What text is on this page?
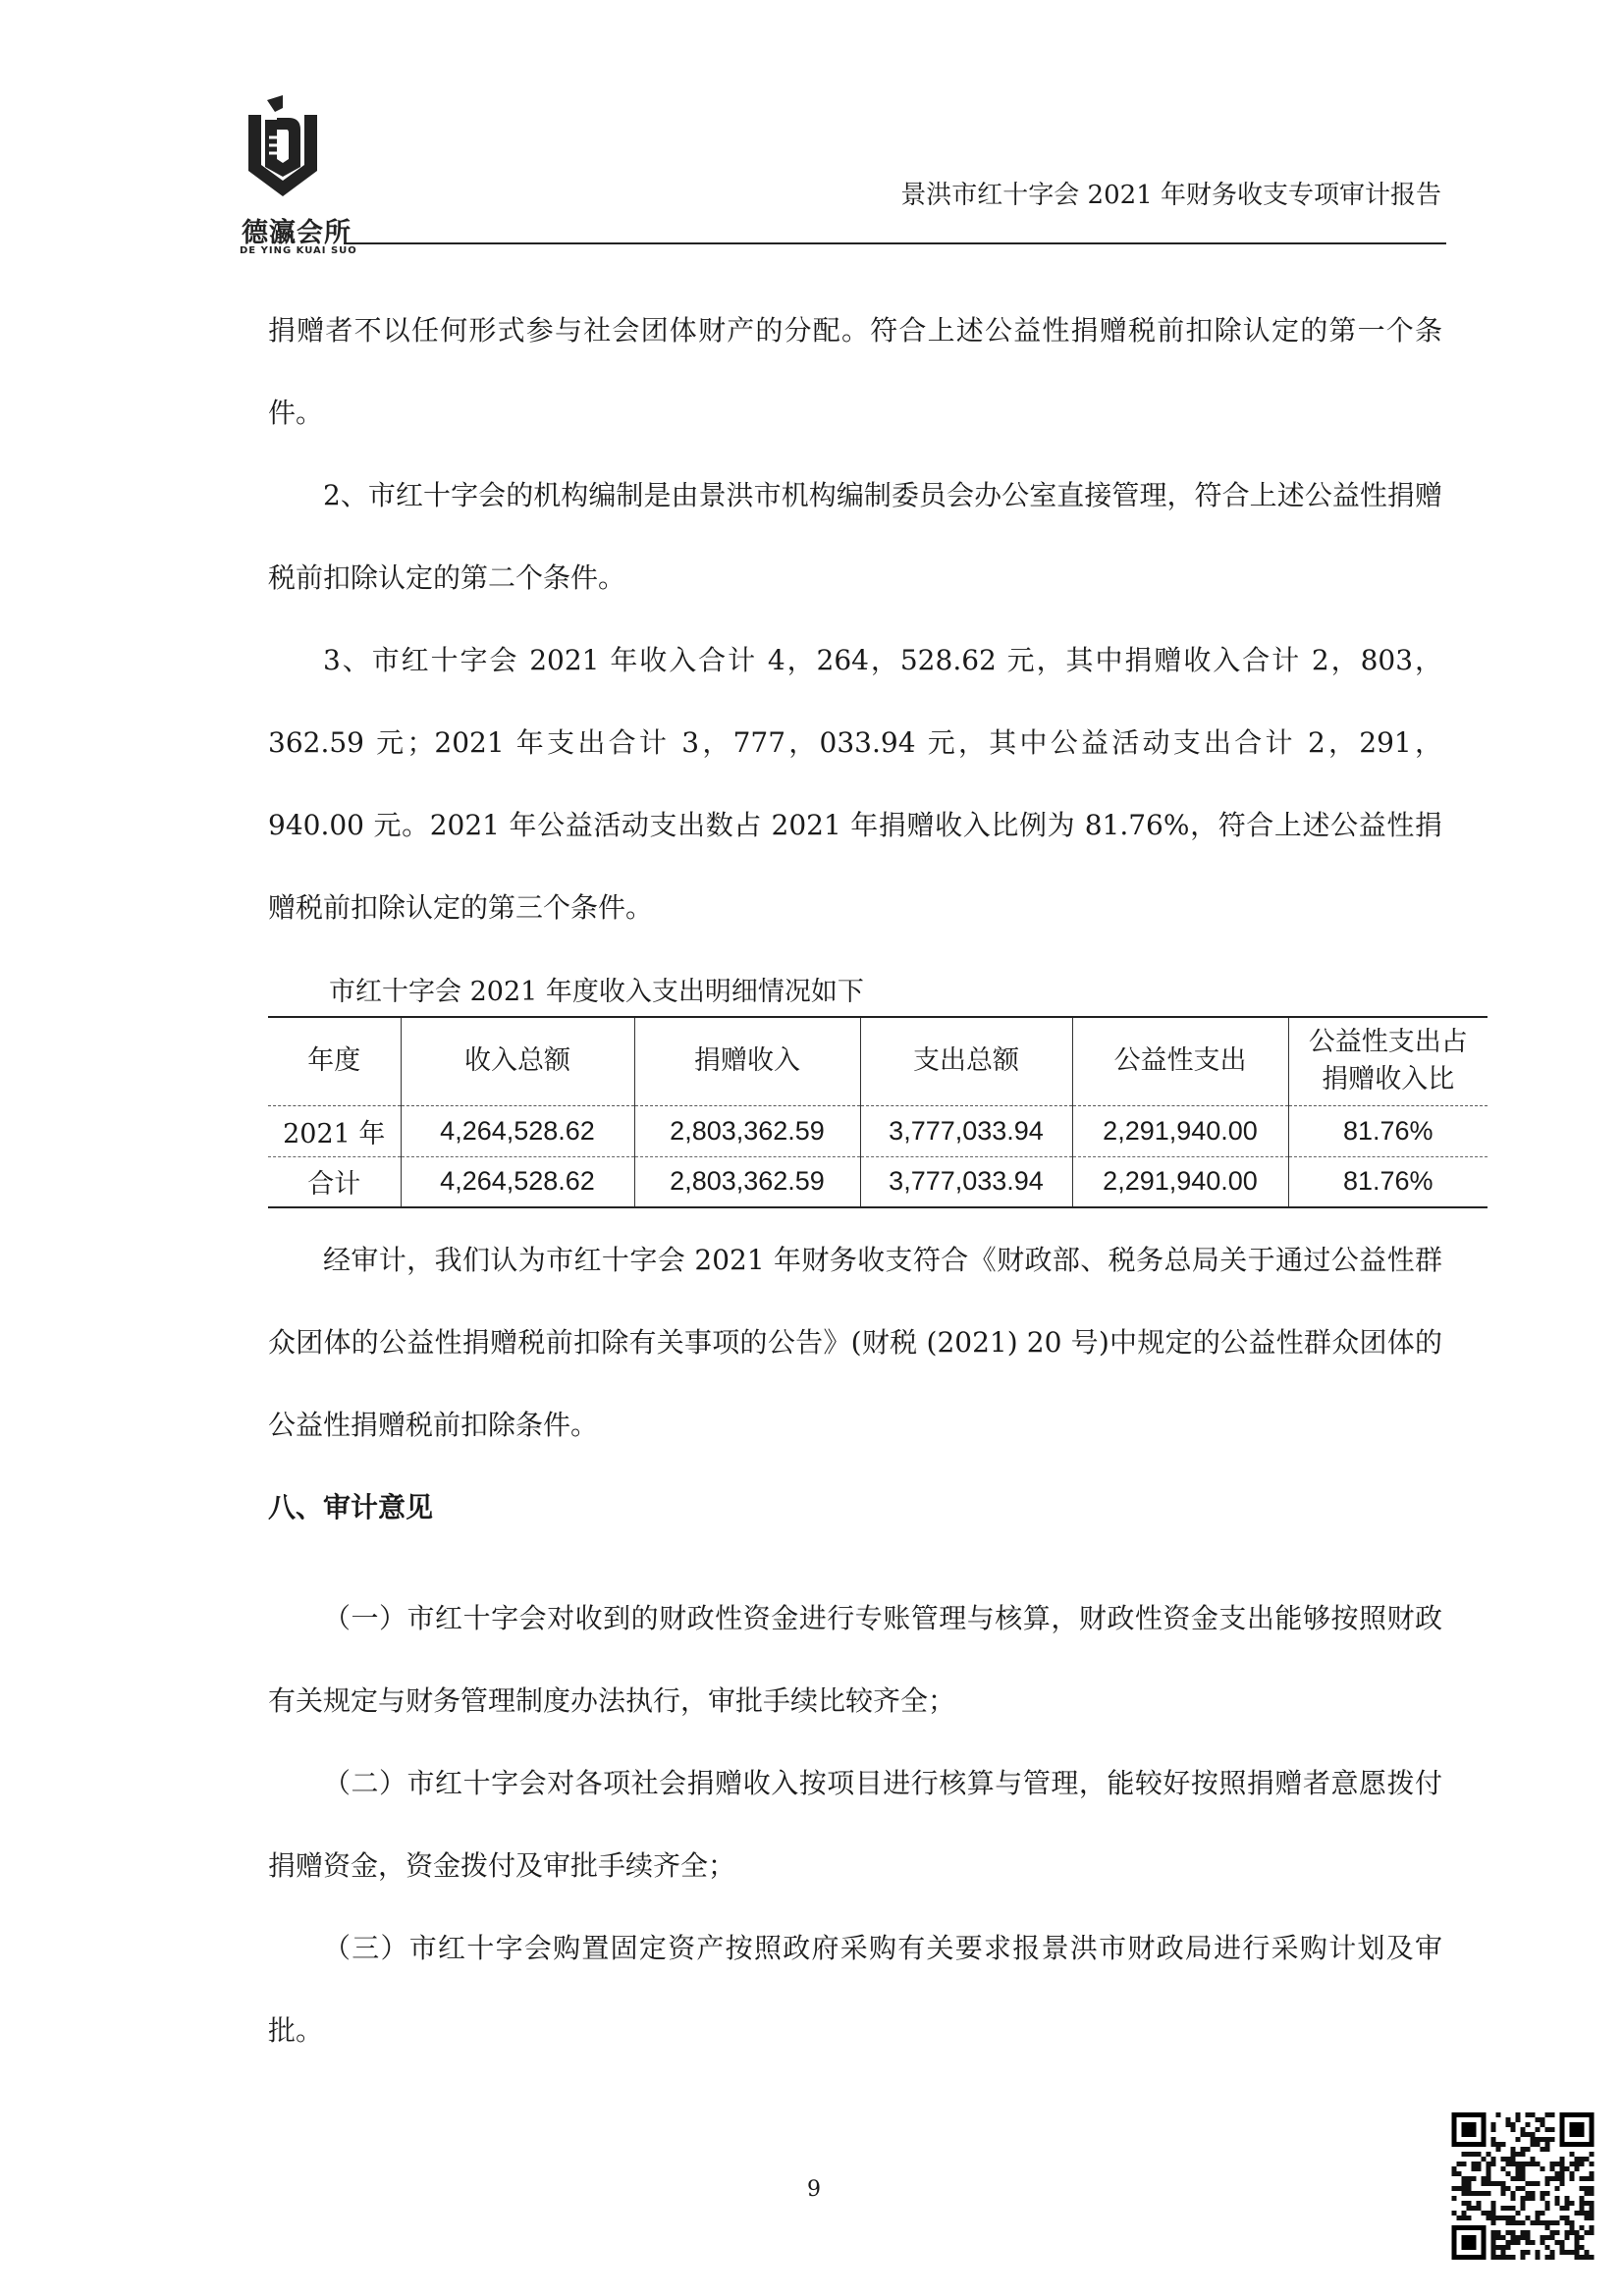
德瀛会所
DE YING KUAI SUO
景洪市红十字会 2021 年财务收支专项审计报告

捐赠者不以任何形式参与社会团体财产的分配。符合上述公益性捐赠税前扣除认定的第一个条件。

2、市红十字会的机构编制是由景洪市机构编制委员会办公室直接管理，符合上述公益性捐赠税前扣除认定的第二个条件。

3、市红十字会 2021 年收入合计 4，264，528.62 元，其中捐赠收入合计 2，803，362.59 元；2021 年支出合计 3，777，033.94 元，其中公益活动支出合计 2，291，940.00 元。2021 年公益活动支出数占 2021 年捐赠收入比例为 81.76%，符合上述公益性捐赠税前扣除认定的第三个条件。

市红十字会 2021 年度收入支出明细情况如下
年度	收入总额	捐赠收入	支出总额	公益性支出	公益性支出占
捐赠收入比

2021 年	4,264,528.62	2,803,362.59	3,777,033.94	2,291,940.00	81.76%
合计	4,264,528.62	2,803,362.59	3,777,033.94	2,291,940.00	81.76%

经审计，我们认为市红十字会 2021 年财务收支符合《财政部、税务总局关于通过公益性群众团体的公益性捐赠税前扣除有关事项的公告》(财税 (2021) 20 号)中规定的公益性群众团体的公益性捐赠税前扣除条件。

八、审计意见

（一）市红十字会对收到的财政性资金进行专账管理与核算，财政性资金支出能够按照财政有关规定与财务管理制度办法执行，审批手续比较齐全；

（二）市红十字会对各项社会捐赠收入按项目进行核算与管理，能较好按照捐赠者意愿拨付捐赠资金，资金拨付及审批手续齐全；

（三）市红十字会购置固定资产按照政府采购有关要求报景洪市财政局进行采购计划及审批。

9
